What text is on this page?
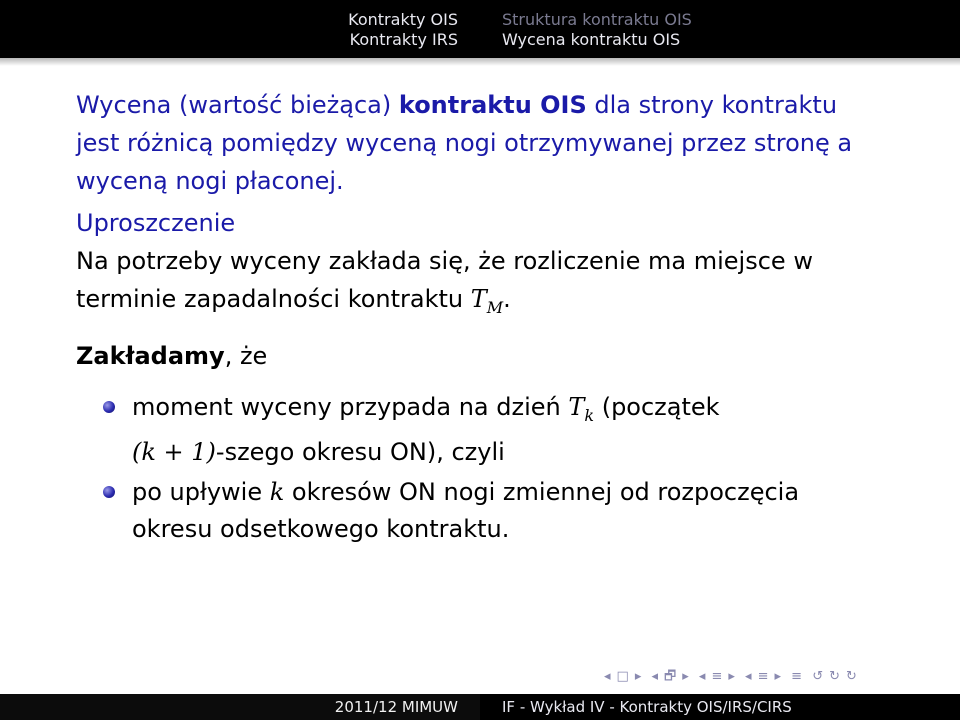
Kontrakty OIS
Kontrakty IRS
Struktura kontraktu OIS
Wycena kontraktu OIS

Wycena (wartość bieżąca) kontraktu OIS dla strony kontraktu jest różnicą pomiędzy wyceną nogi otrzymywanej przez stronę a wyceną nogi płaconej.

Uproszczenie
Na potrzeby wyceny zakłada się, że rozliczenie ma miejsce w terminie zapadalności kontraktu $T_M$.
Zakładamy, że
moment wyceny przypada na dzień $T_k$ (początek
(k + 1)-szego okresu ON), czyli
po upływie k okresów ON nogi zmiennej od rozpoczęcia okresu odsetkowego kontraktu.
◂ □ ▸ ◂ 🗗 ▸ ◂ ≡ ▸ ◂ ≡ ▸ ≡ ↺ ↻ ↻
2011/12 MIMUW	IF - Wykład IV - Kontrakty OIS/IRS/CIRS
